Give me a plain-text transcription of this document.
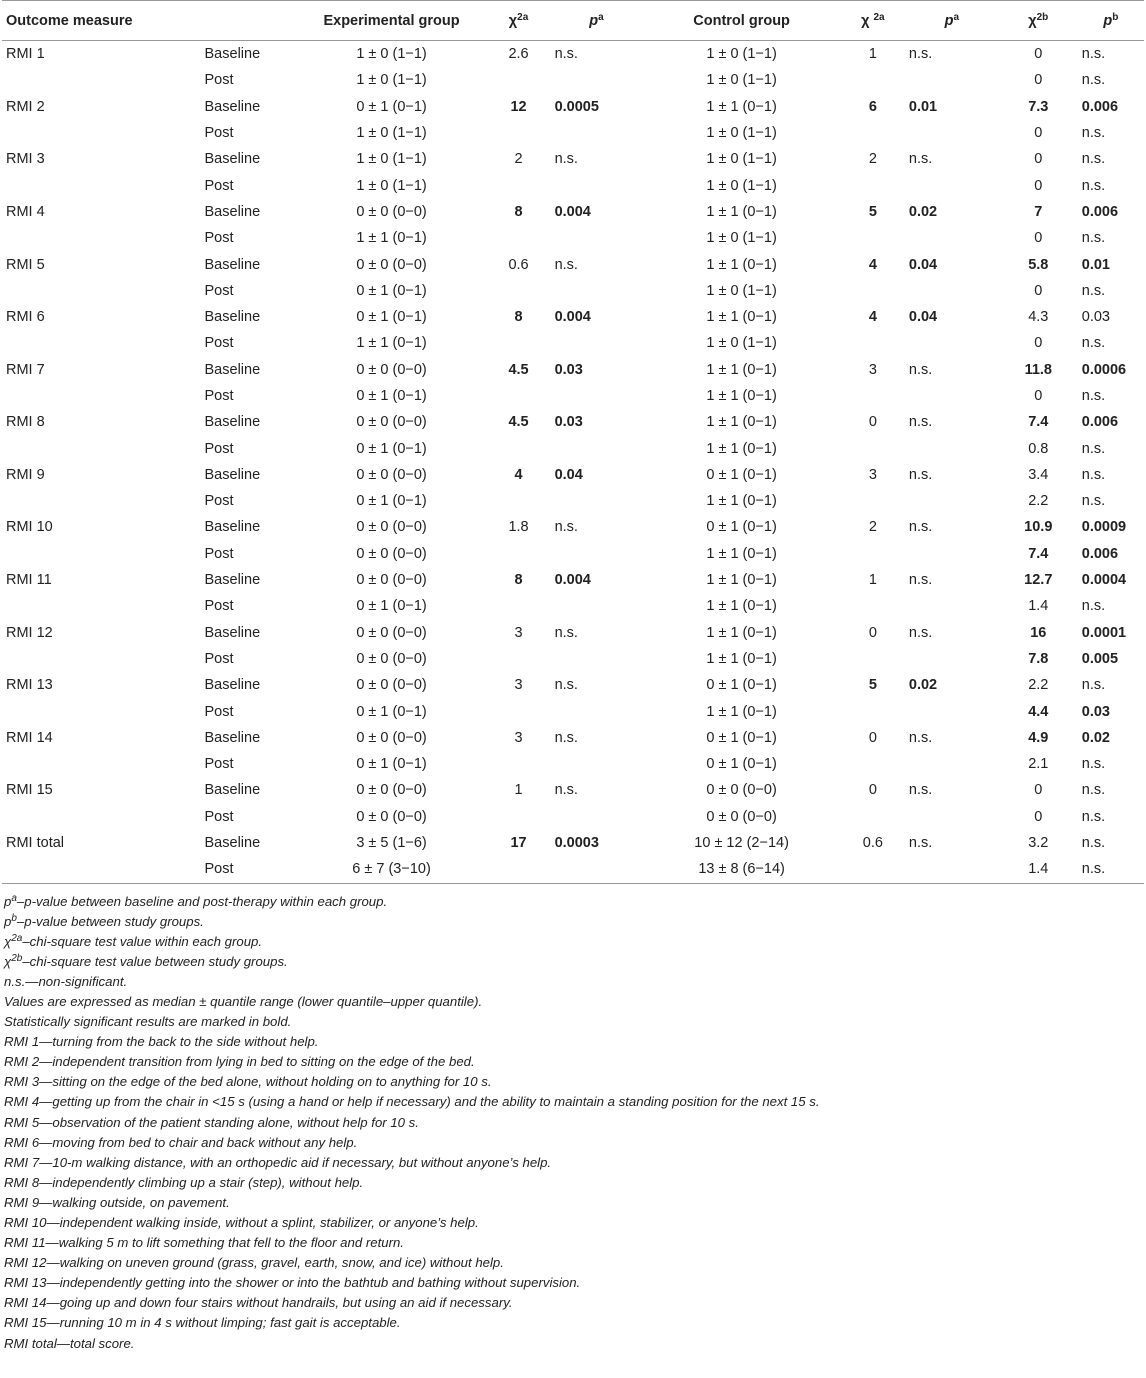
Outcome measure		Experimental group	$\chi^{2a}$	$p^a$	Control group	χ $^{2a}$	$p^a$	$\chi^{2b}$	$p^b$
RMI 1	Baseline	1 ± 0 (1−1)	2.6	n.s.	1 ± 0 (1−1)	1	n.s.	0	n.s.
	Post	1 ± 0 (1−1)			1 ± 0 (1−1)			0	n.s.
RMI 2	Baseline	0 ± 1 (0−1)	12	0.0005	1 ± 1 (0−1)	6	0.01	7.3	0.006
	Post	1 ± 0 (1−1)			1 ± 0 (1−1)			0	n.s.
RMI 3	Baseline	1 ± 0 (1−1)	2	n.s.	1 ± 0 (1−1)	2	n.s.	0	n.s.
	Post	1 ± 0 (1−1)			1 ± 0 (1−1)			0	n.s.
RMI 4	Baseline	0 ± 0 (0−0)	8	0.004	1 ± 1 (0−1)	5	0.02	7	0.006
	Post	1 ± 1 (0−1)			1 ± 0 (1−1)			0	n.s.
RMI 5	Baseline	0 ± 0 (0−0)	0.6	n.s.	1 ± 1 (0−1)	4	0.04	5.8	0.01
	Post	0 ± 1 (0−1)			1 ± 0 (1−1)			0	n.s.
RMI 6	Baseline	0 ± 1 (0−1)	8	0.004	1 ± 1 (0−1)	4	0.04	4.3	0.03
	Post	1 ± 1 (0−1)			1 ± 0 (1−1)			0	n.s.
RMI 7	Baseline	0 ± 0 (0−0)	4.5	0.03	1 ± 1 (0−1)	3	n.s.	11.8	0.0006
	Post	0 ± 1 (0−1)			1 ± 1 (0−1)			0	n.s.
RMI 8	Baseline	0 ± 0 (0−0)	4.5	0.03	1 ± 1 (0−1)	0	n.s.	7.4	0.006
	Post	0 ± 1 (0−1)			1 ± 1 (0−1)			0.8	n.s.
RMI 9	Baseline	0 ± 0 (0−0)	4	0.04	0 ± 1 (0−1)	3	n.s.	3.4	n.s.
	Post	0 ± 1 (0−1)			1 ± 1 (0−1)			2.2	n.s.
RMI 10	Baseline	0 ± 0 (0−0)	1.8	n.s.	0 ± 1 (0−1)	2	n.s.	10.9	0.0009
	Post	0 ± 0 (0−0)			1 ± 1 (0−1)			7.4	0.006
RMI 11	Baseline	0 ± 0 (0−0)	8	0.004	1 ± 1 (0−1)	1	n.s.	12.7	0.0004
	Post	0 ± 1 (0−1)			1 ± 1 (0−1)			1.4	n.s.
RMI 12	Baseline	0 ± 0 (0−0)	3	n.s.	1 ± 1 (0−1)	0	n.s.	16	0.0001
	Post	0 ± 0 (0−0)			1 ± 1 (0−1)			7.8	0.005
RMI 13	Baseline	0 ± 0 (0−0)	3	n.s.	0 ± 1 (0−1)	5	0.02	2.2	n.s.
	Post	0 ± 1 (0−1)			1 ± 1 (0−1)			4.4	0.03
RMI 14	Baseline	0 ± 0 (0−0)	3	n.s.	0 ± 1 (0−1)	0	n.s.	4.9	0.02
	Post	0 ± 1 (0−1)			0 ± 1 (0−1)			2.1	n.s.
RMI 15	Baseline	0 ± 0 (0−0)	1	n.s.	0 ± 0 (0−0)	0	n.s.	0	n.s.
	Post	0 ± 0 (0−0)			0 ± 0 (0−0)			0	n.s.
RMI total	Baseline	3 ± 5 (1−6)	17	0.0003	10 ± 12 (2−14)	0.6	n.s.	3.2	n.s.
	Post	6 ± 7 (3−10)			13 ± 8 (6−14)			1.4	n.s.
$p^a-p$-value between baseline and post-therapy within each group.
$p^b-p$-value between study groups.
$\chi^{2a}-chi$-square test value within each group.
$\chi^{2b}-chi$-square test value between study groups.
n.s.—non-significant.
Values are expressed as median ± quantile range (lower quantile–upper quantile).
Statistically significant results are marked in bold.
RMI 1—turning from the back to the side without help.
RMI 2—independent transition from lying in bed to sitting on the edge of the bed.
RMI 3—sitting on the edge of the bed alone, without holding on to anything for 10 s.
RMI 4—getting up from the chair in <15 s (using a hand or help if necessary) and the ability to maintain a standing position for the next 15 s.
RMI 5—observation of the patient standing alone, without help for 10 s.
RMI 6—moving from bed to chair and back without any help.
RMI 7—10-m walking distance, with an orthopedic aid if necessary, but without anyone’s help.
RMI 8—independently climbing up a stair (step), without help.
RMI 9—walking outside, on pavement.
RMI 10—independent walking inside, without a splint, stabilizer, or anyone’s help.
RMI 11—walking 5 m to lift something that fell to the floor and return.
RMI 12—walking on uneven ground (grass, gravel, earth, snow, and ice) without help.
RMI 13—independently getting into the shower or into the bathtub and bathing without supervision.
RMI 14—going up and down four stairs without handrails, but using an aid if necessary.
RMI 15—running 10 m in 4 s without limping; fast gait is acceptable.
RMI total—total score.
